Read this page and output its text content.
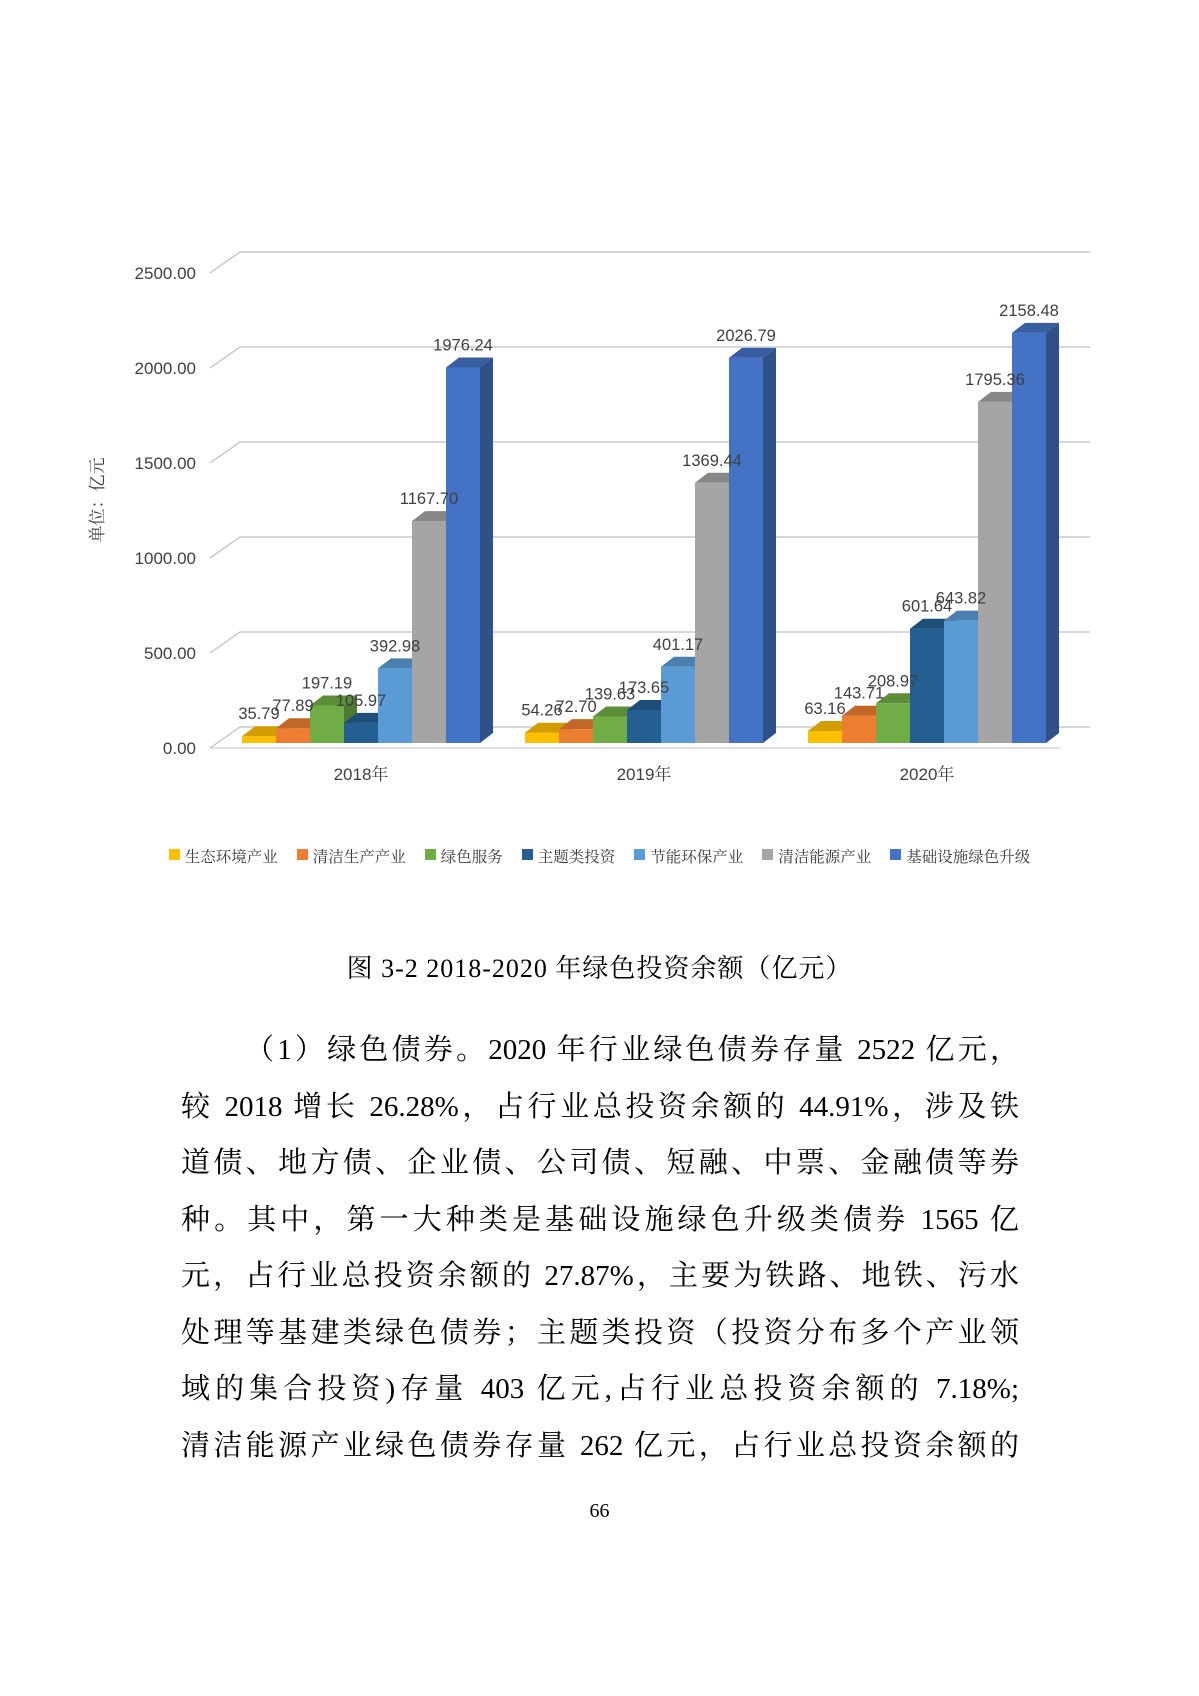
0.00
500.00
1000.00
1500.00
2000.00
2500.00
单位：亿元
35.79
77.89
197.19
105.97
392.98
1167.70
1976.24
54.26
72.70
139.63
173.65
401.17
1369.44
2026.79
63.16
143.71
208.97
601.64
643.82
1795.36
2158.48
2018年	2019年	2020年
生态环境产业 清洁生产产业 绿色服务 主题类投资 节能环保产业 清洁能源产业 基础设施绿色升级
图 3-2 2018-2020 年绿色投资余额（亿元）
（1）绿色债券。2020 年行业绿色债券存量 2522 亿元，
较 2018 增长 26.28%，占行业总投资余额的 44.91%，涉及铁
道债、地方债、企业债、公司债、短融、中票、金融债等券
种。其中，第一大种类是基础设施绿色升级类债券 1565 亿
元，占行业总投资余额的 27.87%，主要为铁路、地铁、污水
处理等基建类绿色债券；主题类投资（投资分布多个产业领
域的集合投资)存量 403 亿元,占行业总投资余额的 7.18%;
清洁能源产业绿色债券存量 262 亿元，占行业总投资余额的
66
